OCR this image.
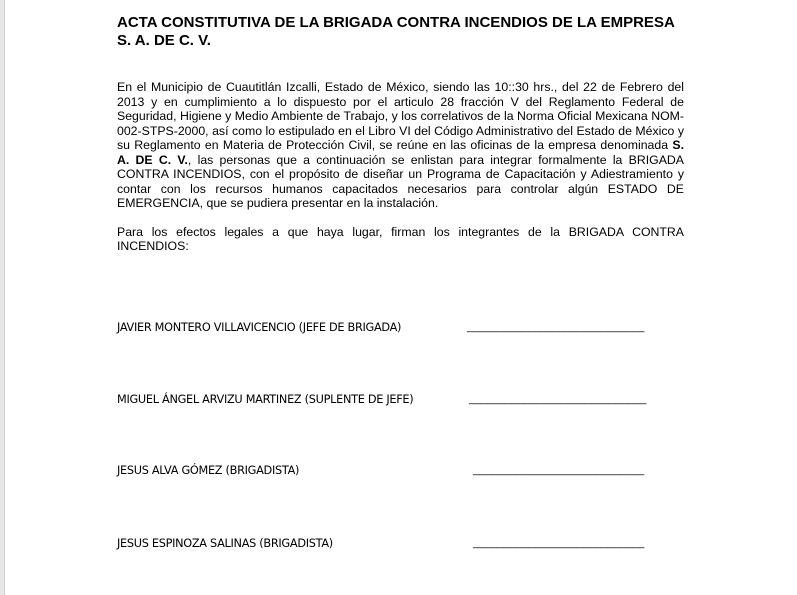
ACTA CONSTITUTIVA DE LA BRIGADA CONTRA INCENDIOS DE LA EMPRESA
S. A. DE C. V.

En el Municipio de Cuautitlán Izcalli, Estado de México, siendo las 10::30 hrs., del 22 de Febrero del 2013 y en cumplimiento a lo dispuesto por el articulo 28 fracción V del Reglamento Federal de Seguridad, Higiene y Medio Ambiente de Trabajo, y los correlativos de la Norma Oficial Mexicana NOM-002-STPS-2000, así como lo estipulado en el Libro VI del Código Administrativo del Estado de México y su Reglamento en Materia de Protección Civil, se reúne en las oficinas de la empresa denominada S. A. DE C. V., las personas que a continuación se enlistan para integrar formalmente la BRIGADA CONTRA INCENDIOS, con el propósito de diseñar un Programa de Capacitación y Adiestramiento y contar con los recursos humanos capacitados necesarios para controlar algún ESTADO DE EMERGENCIA, que se pudiera presentar en la instalación.

Para los efectos legales a que haya lugar, firman los integrantes de la BRIGADA CONTRA INCENDIOS:

JAVIER MONTERO VILLAVICENCIO (JEFE DE BRIGADA)	_____________________________
MIGUEL ÁNGEL ARVIZU MARTINEZ (SUPLENTE DE JEFE)	_____________________________
JESUS ALVA GÓMEZ (BRIGADISTA)	____________________________
JESUS ESPINOZA SALINAS (BRIGADISTA)	____________________________
